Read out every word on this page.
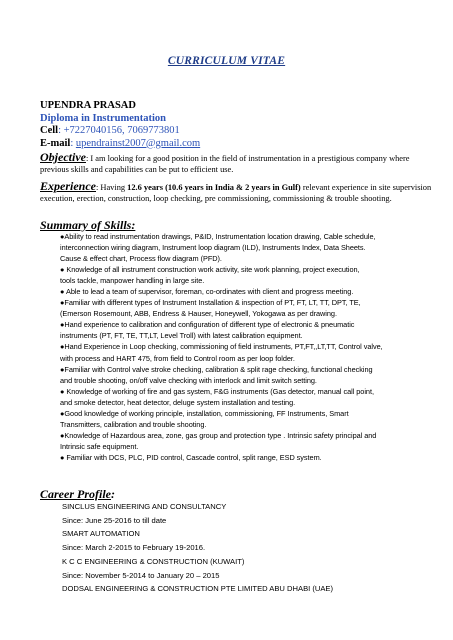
CURRICULUM VITAE
UPENDRA PRASAD
Diploma in Instrumentation
Cell: +7227040156, 7069773801
E-mail: upendrainst2007@gmail.com
Objective: I am looking for a good position in the field of instrumentation in a prestigious company where previous skills and capabilities can be put to efficient use.
Experience: Having 12.6 years (10.6 years in India & 2 years in Gulf) relevant experience in site supervision execution, erection, construction, loop checking, pre commissioning, commissioning & trouble shooting.
Summary of Skills:
●Ability to read instrumentation drawings, P&ID, Instrumentation location drawing, Cable schedule,
interconnection wiring diagram, Instrument loop diagram (ILD), Instruments Index, Data Sheets.
Cause & effect chart, Process flow diagram (PFD).
● Knowledge of all instrument construction work activity, site work planning, project execution,
tools tackle, manpower handling in large site.
● Able to lead a team of supervisor, foreman, co-ordinates with client and progress meeting.
●Familiar with different types of Instrument Installation & inspection of PT, FT, LT, TT, DPT, TE,
(Emerson Rosemount, ABB, Endress & Hauser, Honeywell, Yokogawa as per drawing.
●Hand experience to calibration and configuration of different type of electronic & pneumatic
instruments (PT, FT, TE, TT,LT, Level Troll) with latest calibration equipment.
●Hand Experience in Loop checking, commissioning of field instruments, PT,FT,,LT,TT, Control valve,
with process and HART 475, from field to Control room as per loop folder.
●Familiar with Control valve stroke checking, calibration & split rage checking, functional checking
and trouble shooting, on/off valve checking with interlock and limit switch setting.
● Knowledge of working of fire and gas system, F&G instruments (Gas detector, manual call point,
and smoke detector, heat detector, deluge system installation and testing.
●Good knowledge of working principle, installation, commissioning, FF Instruments, Smart
Transmitters, calibration and trouble shooting.
●Knowledge of Hazardous area, zone, gas group and protection type . Intrinsic safety principal and
Intrinsic safe equipment.
● Familiar with DCS, PLC, PID control, Cascade control, split range, ESD system.
Career Profile:
SINCLUS ENGINEERING AND CONSULTANCY
Since: June 25-2016 to till date
SMART AUTOMATION
Since: March 2-2015 to February 19-2016.
K C C ENGINEERING & CONSTRUCTION (KUWAIT)
Since: November 5-2014 to January 20 – 2015
DODSAL ENGINEERING & CONSTRUCTION PTE LIMITED ABU DHABI (UAE)
